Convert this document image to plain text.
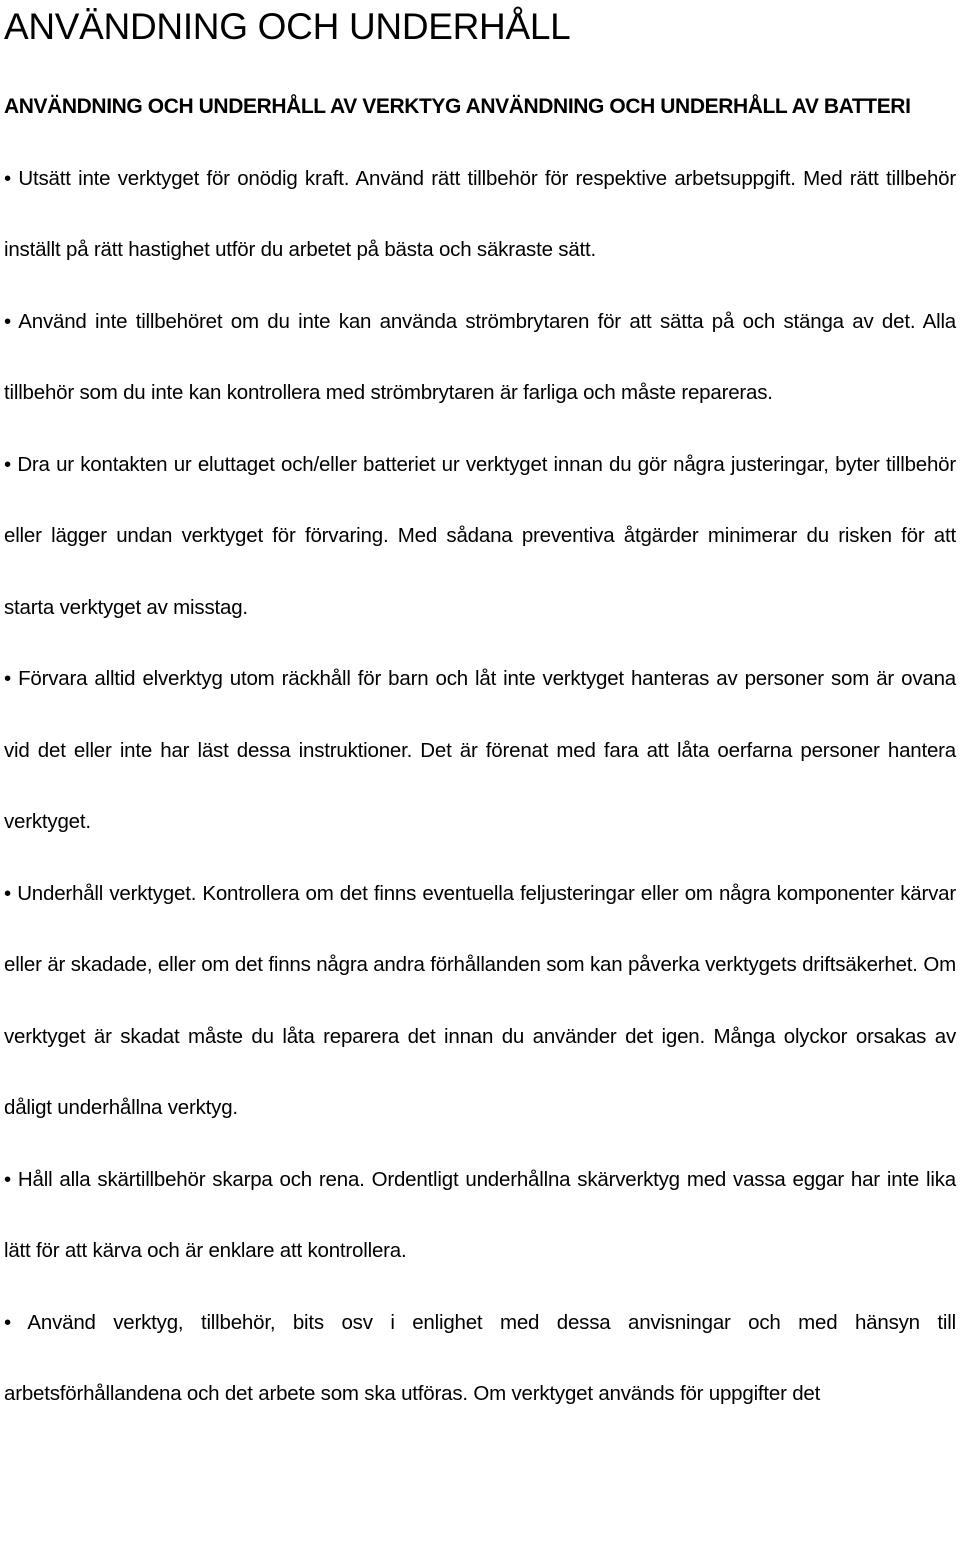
ANVÄNDNING OCH UNDERHÅLL
ANVÄNDNING OCH UNDERHÅLL AV VERKTYG ANVÄNDNING OCH UNDERHÅLL AV BATTERI
• Utsätt inte verktyget för onödig kraft. Använd rätt tillbehör för respektive arbetsuppgift. Med rätt tillbehör inställt på rätt hastighet utför du arbetet på bästa och säkraste sätt.
• Använd inte tillbehöret om du inte kan använda strömbrytaren för att sätta på och stänga av det. Alla tillbehör som du inte kan kontrollera med strömbrytaren är farliga och måste repareras.
• Dra ur kontakten ur eluttaget och/eller batteriet ur verktyget innan du gör några justeringar, byter tillbehör eller lägger undan verktyget för förvaring. Med sådana preventiva åtgärder minimerar du risken för att starta verktyget av misstag.
• Förvara alltid elverktyg utom räckhåll för barn och låt inte verktyget hanteras av personer som är ovana vid det eller inte har läst dessa instruktioner. Det är förenat med fara att låta oerfarna personer hantera verktyget.
• Underhåll verktyget. Kontrollera om det finns eventuella feljusteringar eller om några komponenter kärvar eller är skadade, eller om det finns några andra förhållanden som kan påverka verktygets driftsäkerhet. Om verktyget är skadat måste du låta reparera det innan du använder det igen. Många olyckor orsakas av dåligt underhållna verktyg.
• Håll alla skärtillbehör skarpa och rena. Ordentligt underhållna skärverktyg med vassa eggar har inte lika lätt för att kärva och är enklare att kontrollera.
• Använd verktyg, tillbehör, bits osv i enlighet med dessa anvisningar och med hänsyn till arbetsförhållandena och det arbete som ska utföras. Om verktyget används för uppgifter det
